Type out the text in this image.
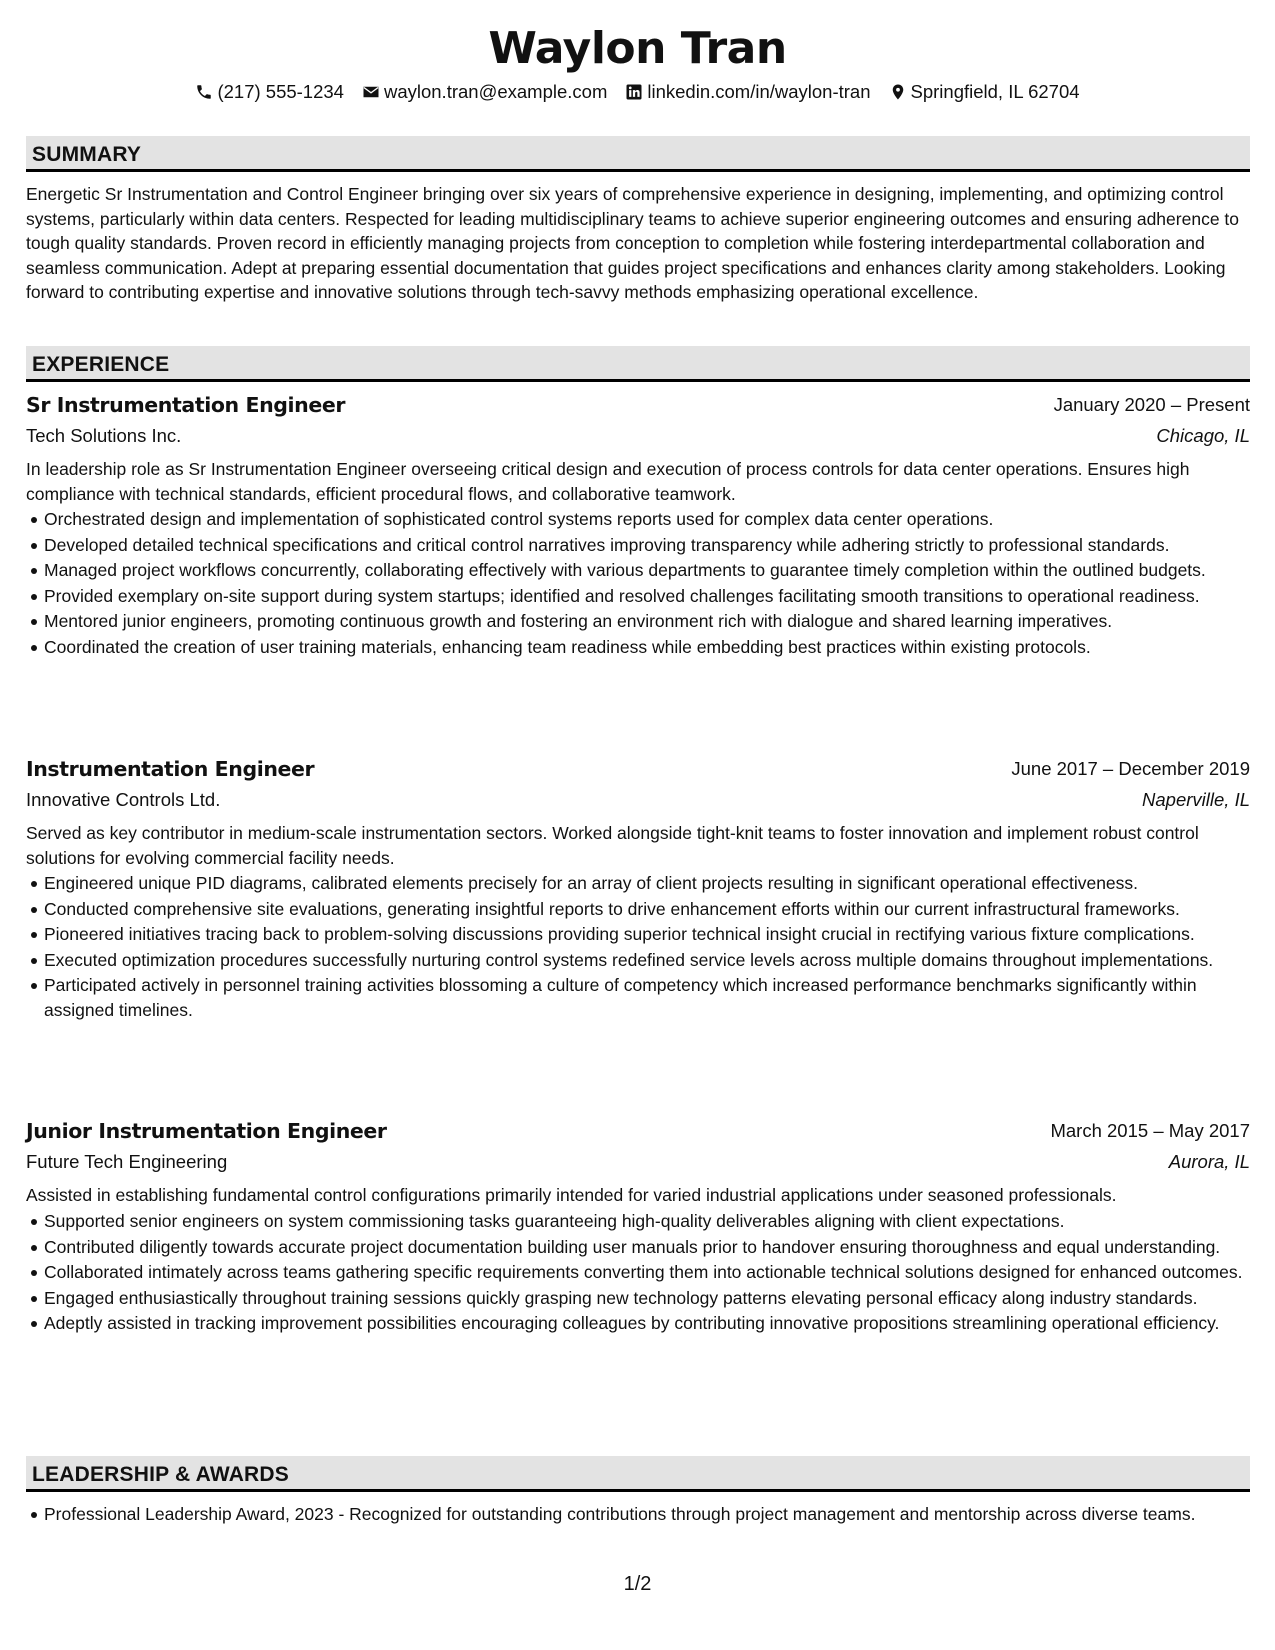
Waylon Tran
(217) 555-1234 waylon.tran@example.com linkedin.com/in/waylon-tran Springfield, IL 62704
SUMMARY
Energetic Sr Instrumentation and Control Engineer bringing over six years of comprehensive experience in designing, implementing, and optimizing control systems, particularly within data centers. Respected for leading multidisciplinary teams to achieve superior engineering outcomes and ensuring adherence to tough quality standards. Proven record in efficiently managing projects from conception to completion while fostering interdepartmental collaboration and seamless communication. Adept at preparing essential documentation that guides project specifications and enhances clarity among stakeholders. Looking forward to contributing expertise and innovative solutions through tech-savvy methods emphasizing operational excellence.
EXPERIENCE
Sr Instrumentation Engineer	January 2020 – Present
Tech Solutions Inc.	Chicago, IL
In leadership role as Sr Instrumentation Engineer overseeing critical design and execution of process controls for data center operations. Ensures high compliance with technical standards, efficient procedural flows, and collaborative teamwork.
Orchestrated design and implementation of sophisticated control systems reports used for complex data center operations.
Developed detailed technical specifications and critical control narratives improving transparency while adhering strictly to professional standards.
Managed project workflows concurrently, collaborating effectively with various departments to guarantee timely completion within the outlined budgets.
Provided exemplary on-site support during system startups; identified and resolved challenges facilitating smooth transitions to operational readiness.
Mentored junior engineers, promoting continuous growth and fostering an environment rich with dialogue and shared learning imperatives.
Coordinated the creation of user training materials, enhancing team readiness while embedding best practices within existing protocols.
Instrumentation Engineer	June 2017 – December 2019
Innovative Controls Ltd.	Naperville, IL
Served as key contributor in medium-scale instrumentation sectors. Worked alongside tight-knit teams to foster innovation and implement robust control solutions for evolving commercial facility needs.
Engineered unique PID diagrams, calibrated elements precisely for an array of client projects resulting in significant operational effectiveness.
Conducted comprehensive site evaluations, generating insightful reports to drive enhancement efforts within our current infrastructural frameworks.
Pioneered initiatives tracing back to problem-solving discussions providing superior technical insight crucial in rectifying various fixture complications.
Executed optimization procedures successfully nurturing control systems redefined service levels across multiple domains throughout implementations.
Participated actively in personnel training activities blossoming a culture of competency which increased performance benchmarks significantly within assigned timelines.
Junior Instrumentation Engineer	March 2015 – May 2017
Future Tech Engineering	Aurora, IL
Assisted in establishing fundamental control configurations primarily intended for varied industrial applications under seasoned professionals.
Supported senior engineers on system commissioning tasks guaranteeing high-quality deliverables aligning with client expectations.
Contributed diligently towards accurate project documentation building user manuals prior to handover ensuring thoroughness and equal understanding.
Collaborated intimately across teams gathering specific requirements converting them into actionable technical solutions designed for enhanced outcomes.
Engaged enthusiastically throughout training sessions quickly grasping new technology patterns elevating personal efficacy along industry standards.
Adeptly assisted in tracking improvement possibilities encouraging colleagues by contributing innovative propositions streamlining operational efficiency.
LEADERSHIP & AWARDS
Professional Leadership Award, 2023 - Recognized for outstanding contributions through project management and mentorship across diverse teams.
1/2
